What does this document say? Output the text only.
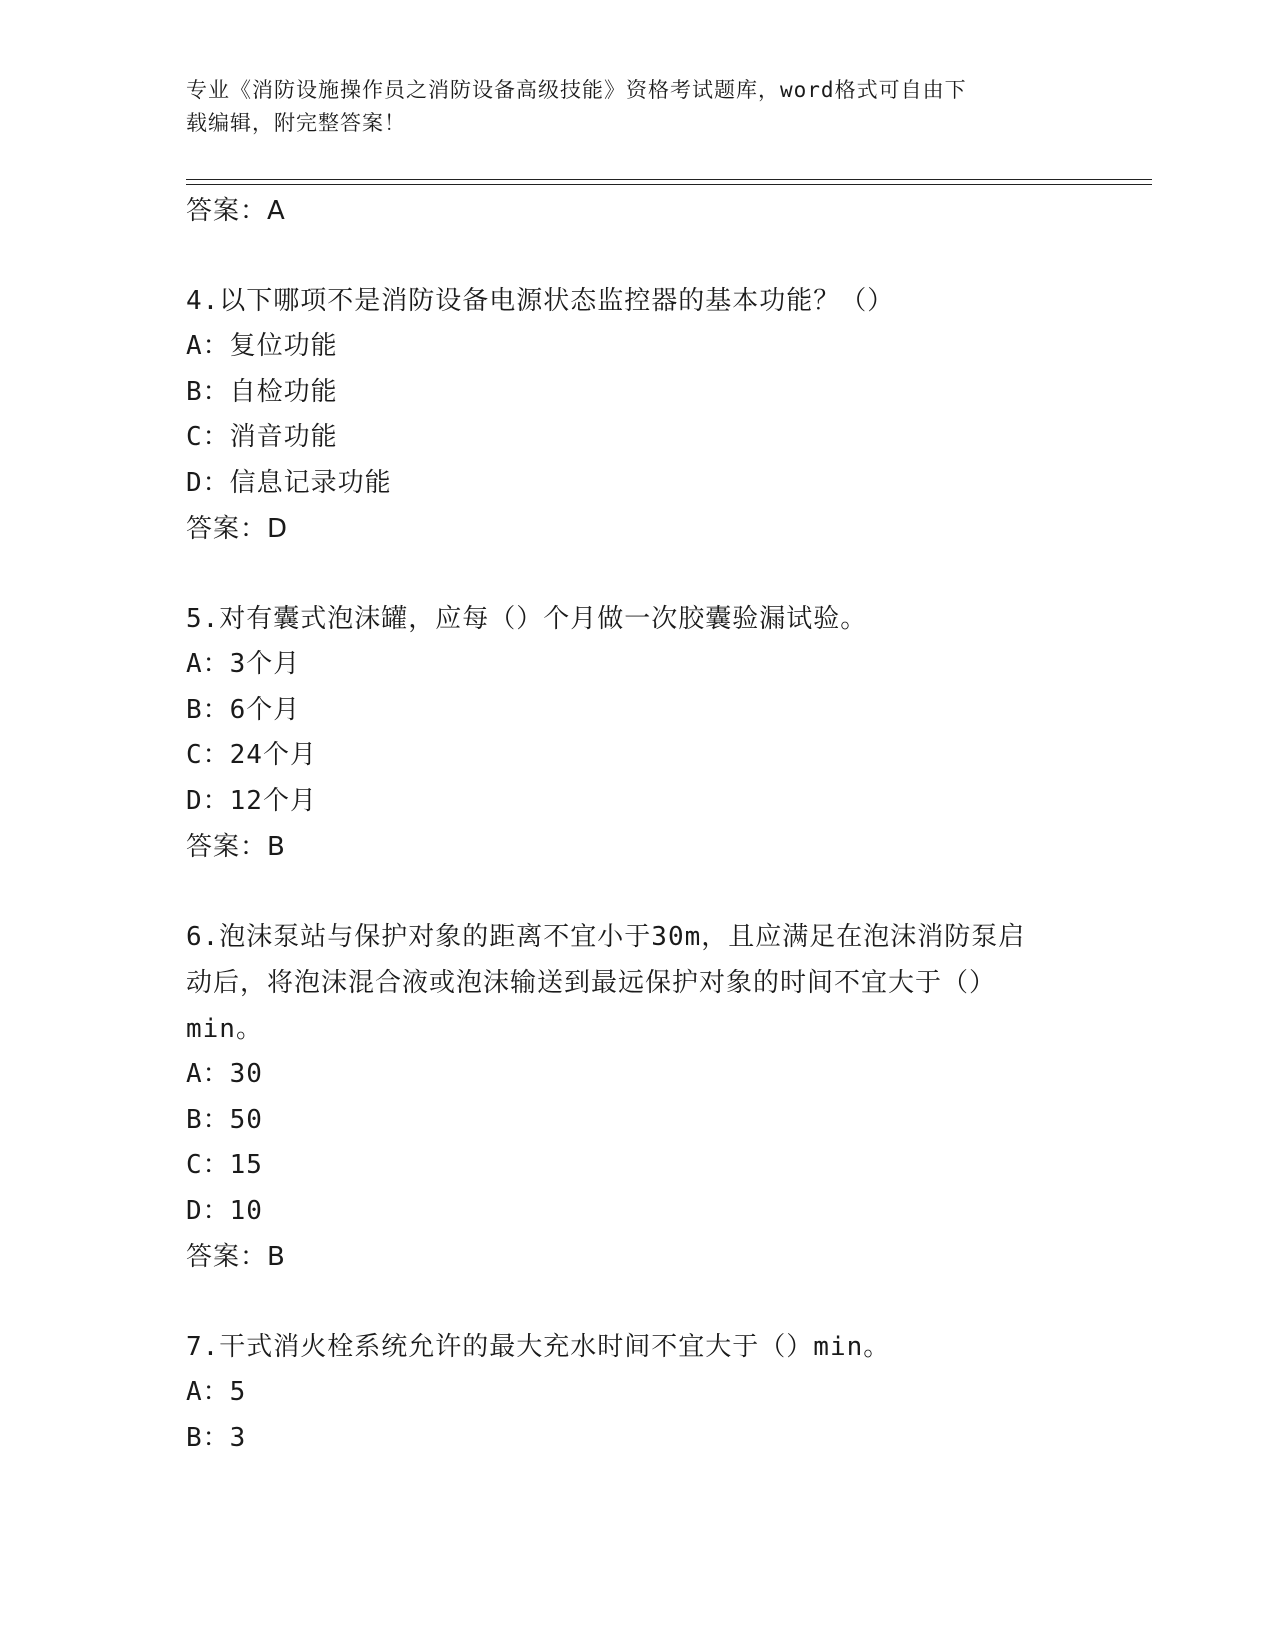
专业《消防设施操作员之消防设备高级技能》资格考试题库，word格式可自由下
载编辑，附完整答案！
答案：A
4.以下哪项不是消防设备电源状态监控器的基本功能？（）
A：复位功能
B：自检功能
C：消音功能
D：信息记录功能
答案：D
5.对有囊式泡沫罐，应每（）个月做一次胶囊验漏试验。
A：3个月
B：6个月
C：24个月
D：12个月
答案：B
6.泡沫泵站与保护对象的距离不宜小于30m，且应满足在泡沫消防泵启
动后，将泡沫混合液或泡沫输送到最远保护对象的时间不宜大于（）
min。
A：30
B：50
C：15
D：10
答案：B
7.干式消火栓系统允许的最大充水时间不宜大于（）min。
A：5
B：3
